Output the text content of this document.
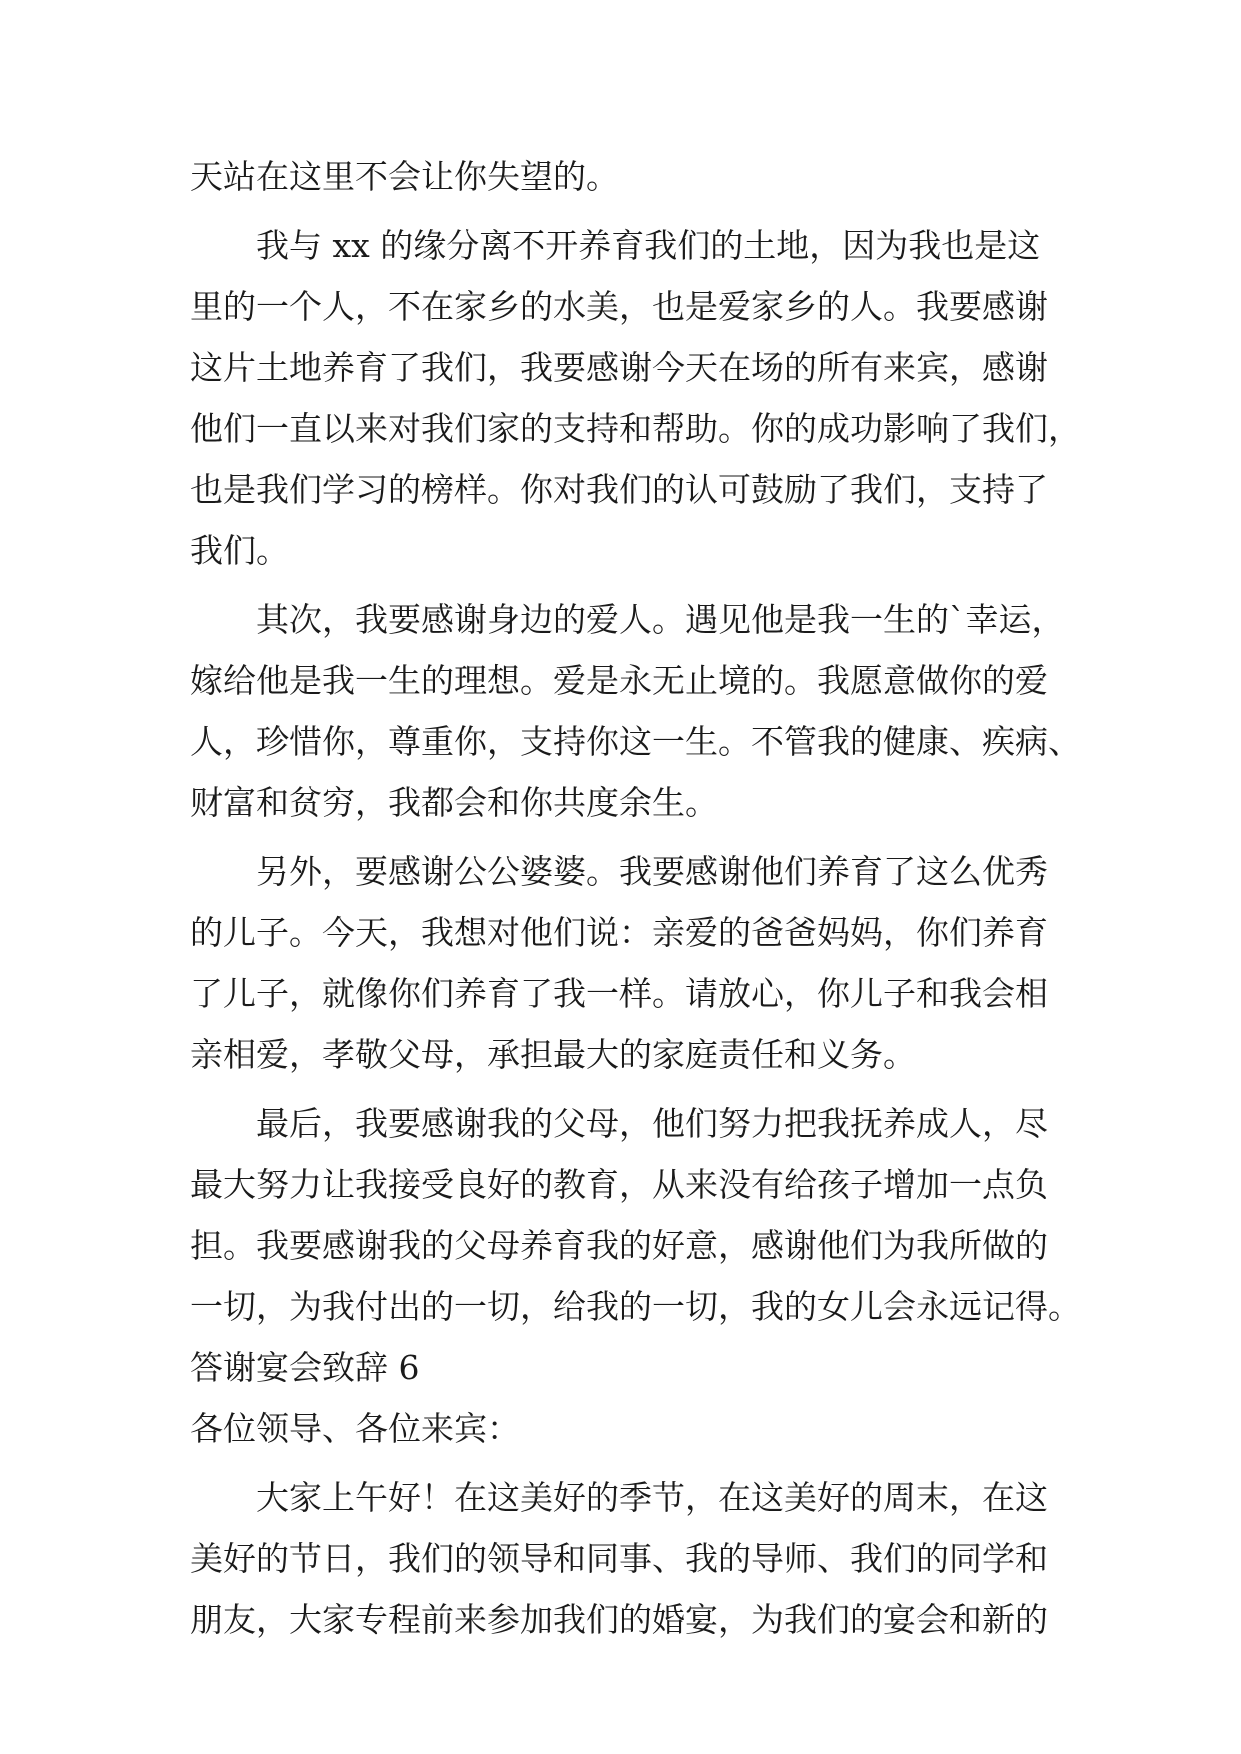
天站在这里不会让你失望的。
我与 xx 的缘分离不开养育我们的土地，因为我也是这
里的一个人，不在家乡的水美，也是爱家乡的人。我要感谢
这片土地养育了我们，我要感谢今天在场的所有来宾，感谢
他们一直以来对我们家的支持和帮助。你的成功影响了我们，
也是我们学习的榜样。你对我们的认可鼓励了我们，支持了
我们。
其次，我要感谢身边的爱人。遇见他是我一生的`幸运，
嫁给他是我一生的理想。爱是永无止境的。我愿意做你的爱
人，珍惜你，尊重你，支持你这一生。不管我的健康、疾病、
财富和贫穷，我都会和你共度余生。
另外，要感谢公公婆婆。我要感谢他们养育了这么优秀
的儿子。今天，我想对他们说：亲爱的爸爸妈妈，你们养育
了儿子，就像你们养育了我一样。请放心，你儿子和我会相
亲相爱，孝敬父母，承担最大的家庭责任和义务。
最后，我要感谢我的父母，他们努力把我抚养成人，尽
最大努力让我接受良好的教育，从来没有给孩子增加一点负
担。我要感谢我的父母养育我的好意，感谢他们为我所做的
一切，为我付出的一切，给我的一切，我的女儿会永远记得。
答谢宴会致辞 6
各位领导、各位来宾：
大家上午好！在这美好的季节，在这美好的周末，在这
美好的节日，我们的领导和同事、我的导师、我们的同学和
朋友，大家专程前来参加我们的婚宴，为我们的宴会和新的
